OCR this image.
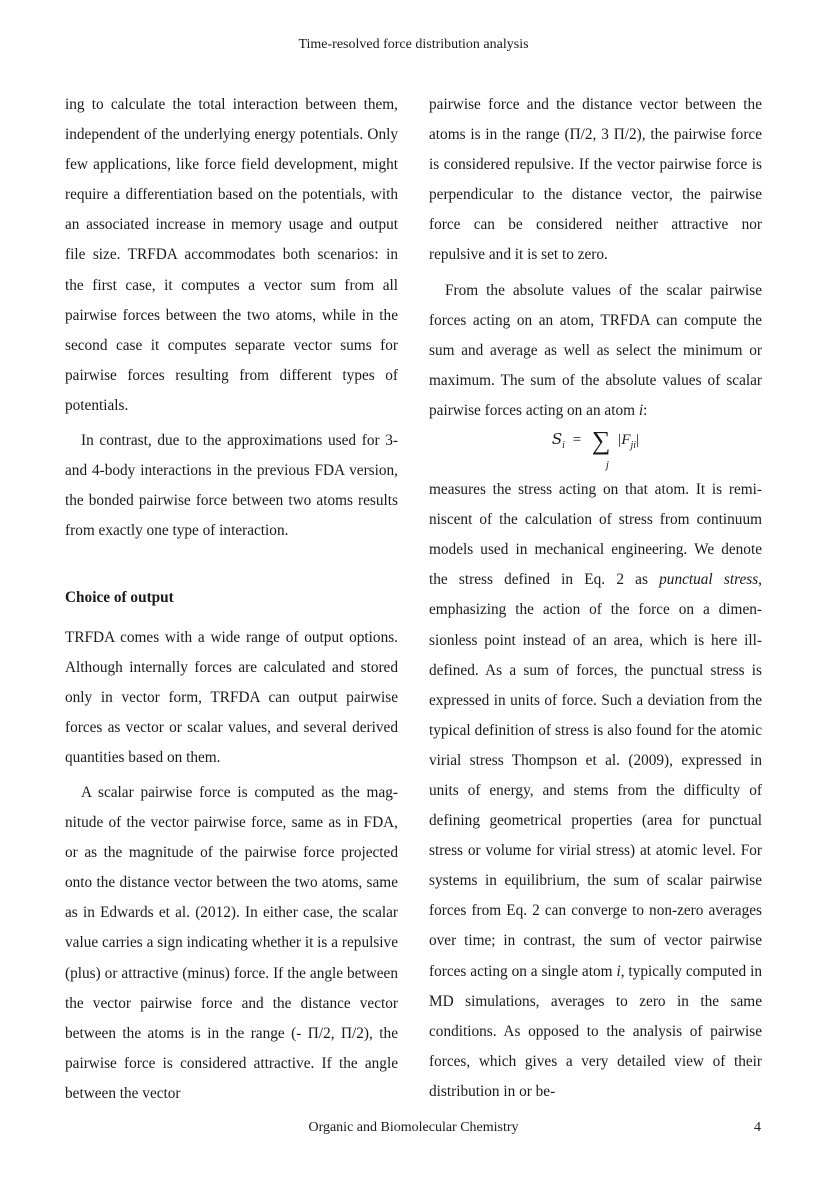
Time-resolved force distribution analysis

ing to calculate the total interaction between them, independent of the underlying energy potentials. Only few applications, like force field development, might require a differentiation based on the potentials, with an associated increase in memory usage and output file size. TRFDA accommodates both scenarios: in the first case, it computes a vector sum from all pairwise forces between the two atoms, while in the second case it computes separate vector sums for pairwise forces resulting from different types of potentials.

In contrast, due to the approximations used for 3- and 4-body interactions in the previous FDA version, the bonded pairwise force between two atoms results from exactly one type of interaction.

Choice of output

TRFDA comes with a wide range of output options. Although internally forces are calculated and stored only in vector form, TRFDA can output pairwise forces as vector or scalar values, and several derived quantities based on them.

A scalar pairwise force is computed as the magnitude of the vector pairwise force, same as in FDA, or as the magnitude of the pairwise force projected onto the distance vector between the two atoms, same as in Edwards et al. (2012). In either case, the scalar value carries a sign indicating whether it is a repulsive (plus) or attractive (minus) force. If the angle between the vector pairwise force and the distance vector between the atoms is in the range (- Π/2, Π/2), the pairwise force is considered attractive. If the angle between the vector

pairwise force and the distance vector between the atoms is in the range (Π/2, 3 Π/2), the pairwise force is considered repulsive. If the vector pairwise force is perpendicular to the distance vector, the pairwise force can be considered neither attractive nor repulsive and it is set to zero.

From the absolute values of the scalar pairwise forces acting on an atom, TRFDA can compute the sum and average as well as select the minimum or maximum. The sum of the absolute values of scalar pairwise forces acting on an atom i:

$S_i$ = ∑
j
$|F_{ji}|$

measures the stress acting on that atom. It is reminiscent of the calculation of stress from continuum models used in mechanical engineering. We denote the stress defined in Eq. 2 as punctual stress, emphasizing the action of the force on a dimensionless point instead of an area, which is here ill-defined. As a sum of forces, the punctual stress is expressed in units of force. Such a deviation from the typical definition of stress is also found for the atomic virial stress Thompson et al. (2009), expressed in units of energy, and stems from the difficulty of defining geometrical properties (area for punctual stress or volume for virial stress) at atomic level. For systems in equilibrium, the sum of scalar pairwise forces from Eq. 2 can converge to non-zero averages over time; in contrast, the sum of vector pairwise forces acting on a single atom i, typically computed in MD simulations, averages to zero in the same conditions. As opposed to the analysis of pairwise forces, which gives a very detailed view of their distribution in or be-

Organic and Biomolecular Chemistry	4
